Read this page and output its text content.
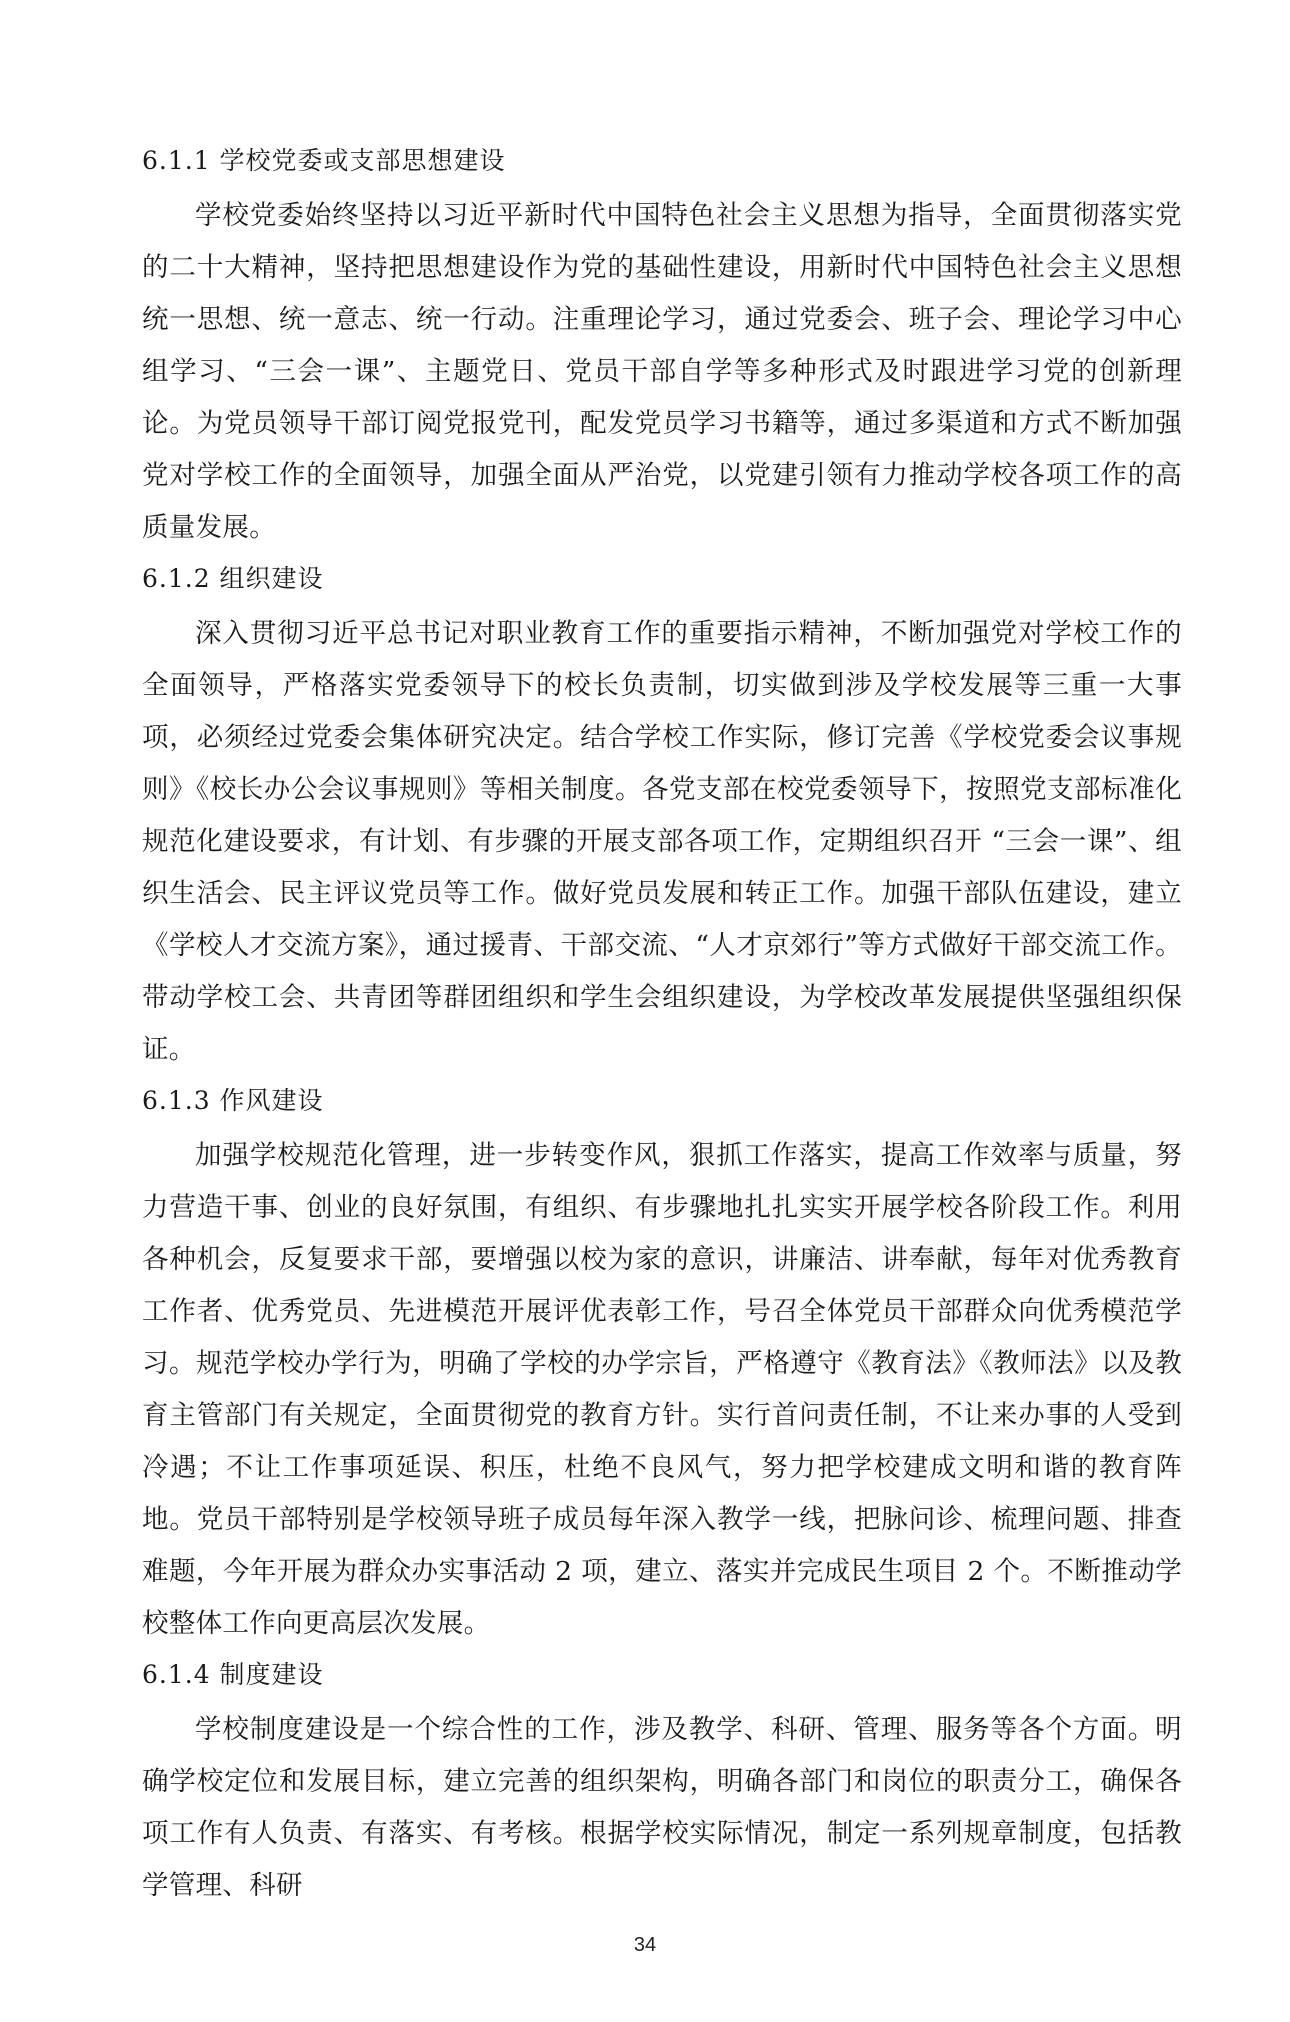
6.1.1 学校党委或支部思想建设

学校党委始终坚持以习近平新时代中国特色社会主义思想为指导，全面贯彻落实党的二十大精神，坚持把思想建设作为党的基础性建设，用新时代中国特色社会主义思想统一思想、统一意志、统一行动。注重理论学习，通过党委会、班子会、理论学习中心组学习、“三会一课”、主题党日、党员干部自学等多种形式及时跟进学习党的创新理论。为党员领导干部订阅党报党刊，配发党员学习书籍等，通过多渠道和方式不断加强党对学校工作的全面领导，加强全面从严治党，以党建引领有力推动学校各项工作的高质量发展。

6.1.2 组织建设

深入贯彻习近平总书记对职业教育工作的重要指示精神，不断加强党对学校工作的全面领导，严格落实党委领导下的校长负责制，切实做到涉及学校发展等三重一大事项，必须经过党委会集体研究决定。结合学校工作实际，修订完善《学校党委会议事规则》《校长办公会议事规则》等相关制度。各党支部在校党委领导下，按照党支部标准化规范化建设要求，有计划、有步骤的开展支部各项工作，定期组织召开 “三会一课”、组织生活会、民主评议党员等工作。做好党员发展和转正工作。加强干部队伍建设，建立《学校人才交流方案》，通过援青、干部交流、“人才京郊行”等方式做好干部交流工作。带动学校工会、共青团等群团组织和学生会组织建设，为学校改革发展提供坚强组织保证。

6.1.3 作风建设

加强学校规范化管理，进一步转变作风，狠抓工作落实，提高工作效率与质量，努力营造干事、创业的良好氛围，有组织、有步骤地扎扎实实开展学校各阶段工作。利用各种机会，反复要求干部，要增强以校为家的意识，讲廉洁、讲奉献，每年对优秀教育工作者、优秀党员、先进模范开展评优表彰工作，号召全体党员干部群众向优秀模范学习。规范学校办学行为，明确了学校的办学宗旨，严格遵守《教育法》《教师法》以及教育主管部门有关规定，全面贯彻党的教育方针。实行首问责任制，不让来办事的人受到冷遇；不让工作事项延误、积压，杜绝不良风气，努力把学校建成文明和谐的教育阵地。党员干部特别是学校领导班子成员每年深入教学一线，把脉问诊、梳理问题、排查难题，今年开展为群众办实事活动 2 项，建立、落实并完成民生项目 2 个。不断推动学校整体工作向更高层次发展。

6.1.4 制度建设

学校制度建设是一个综合性的工作，涉及教学、科研、管理、服务等各个方面。明确学校定位和发展目标，建立完善的组织架构，明确各部门和岗位的职责分工，确保各项工作有人负责、有落实、有考核。根据学校实际情况，制定一系列规章制度，包括教学管理、科研

34
